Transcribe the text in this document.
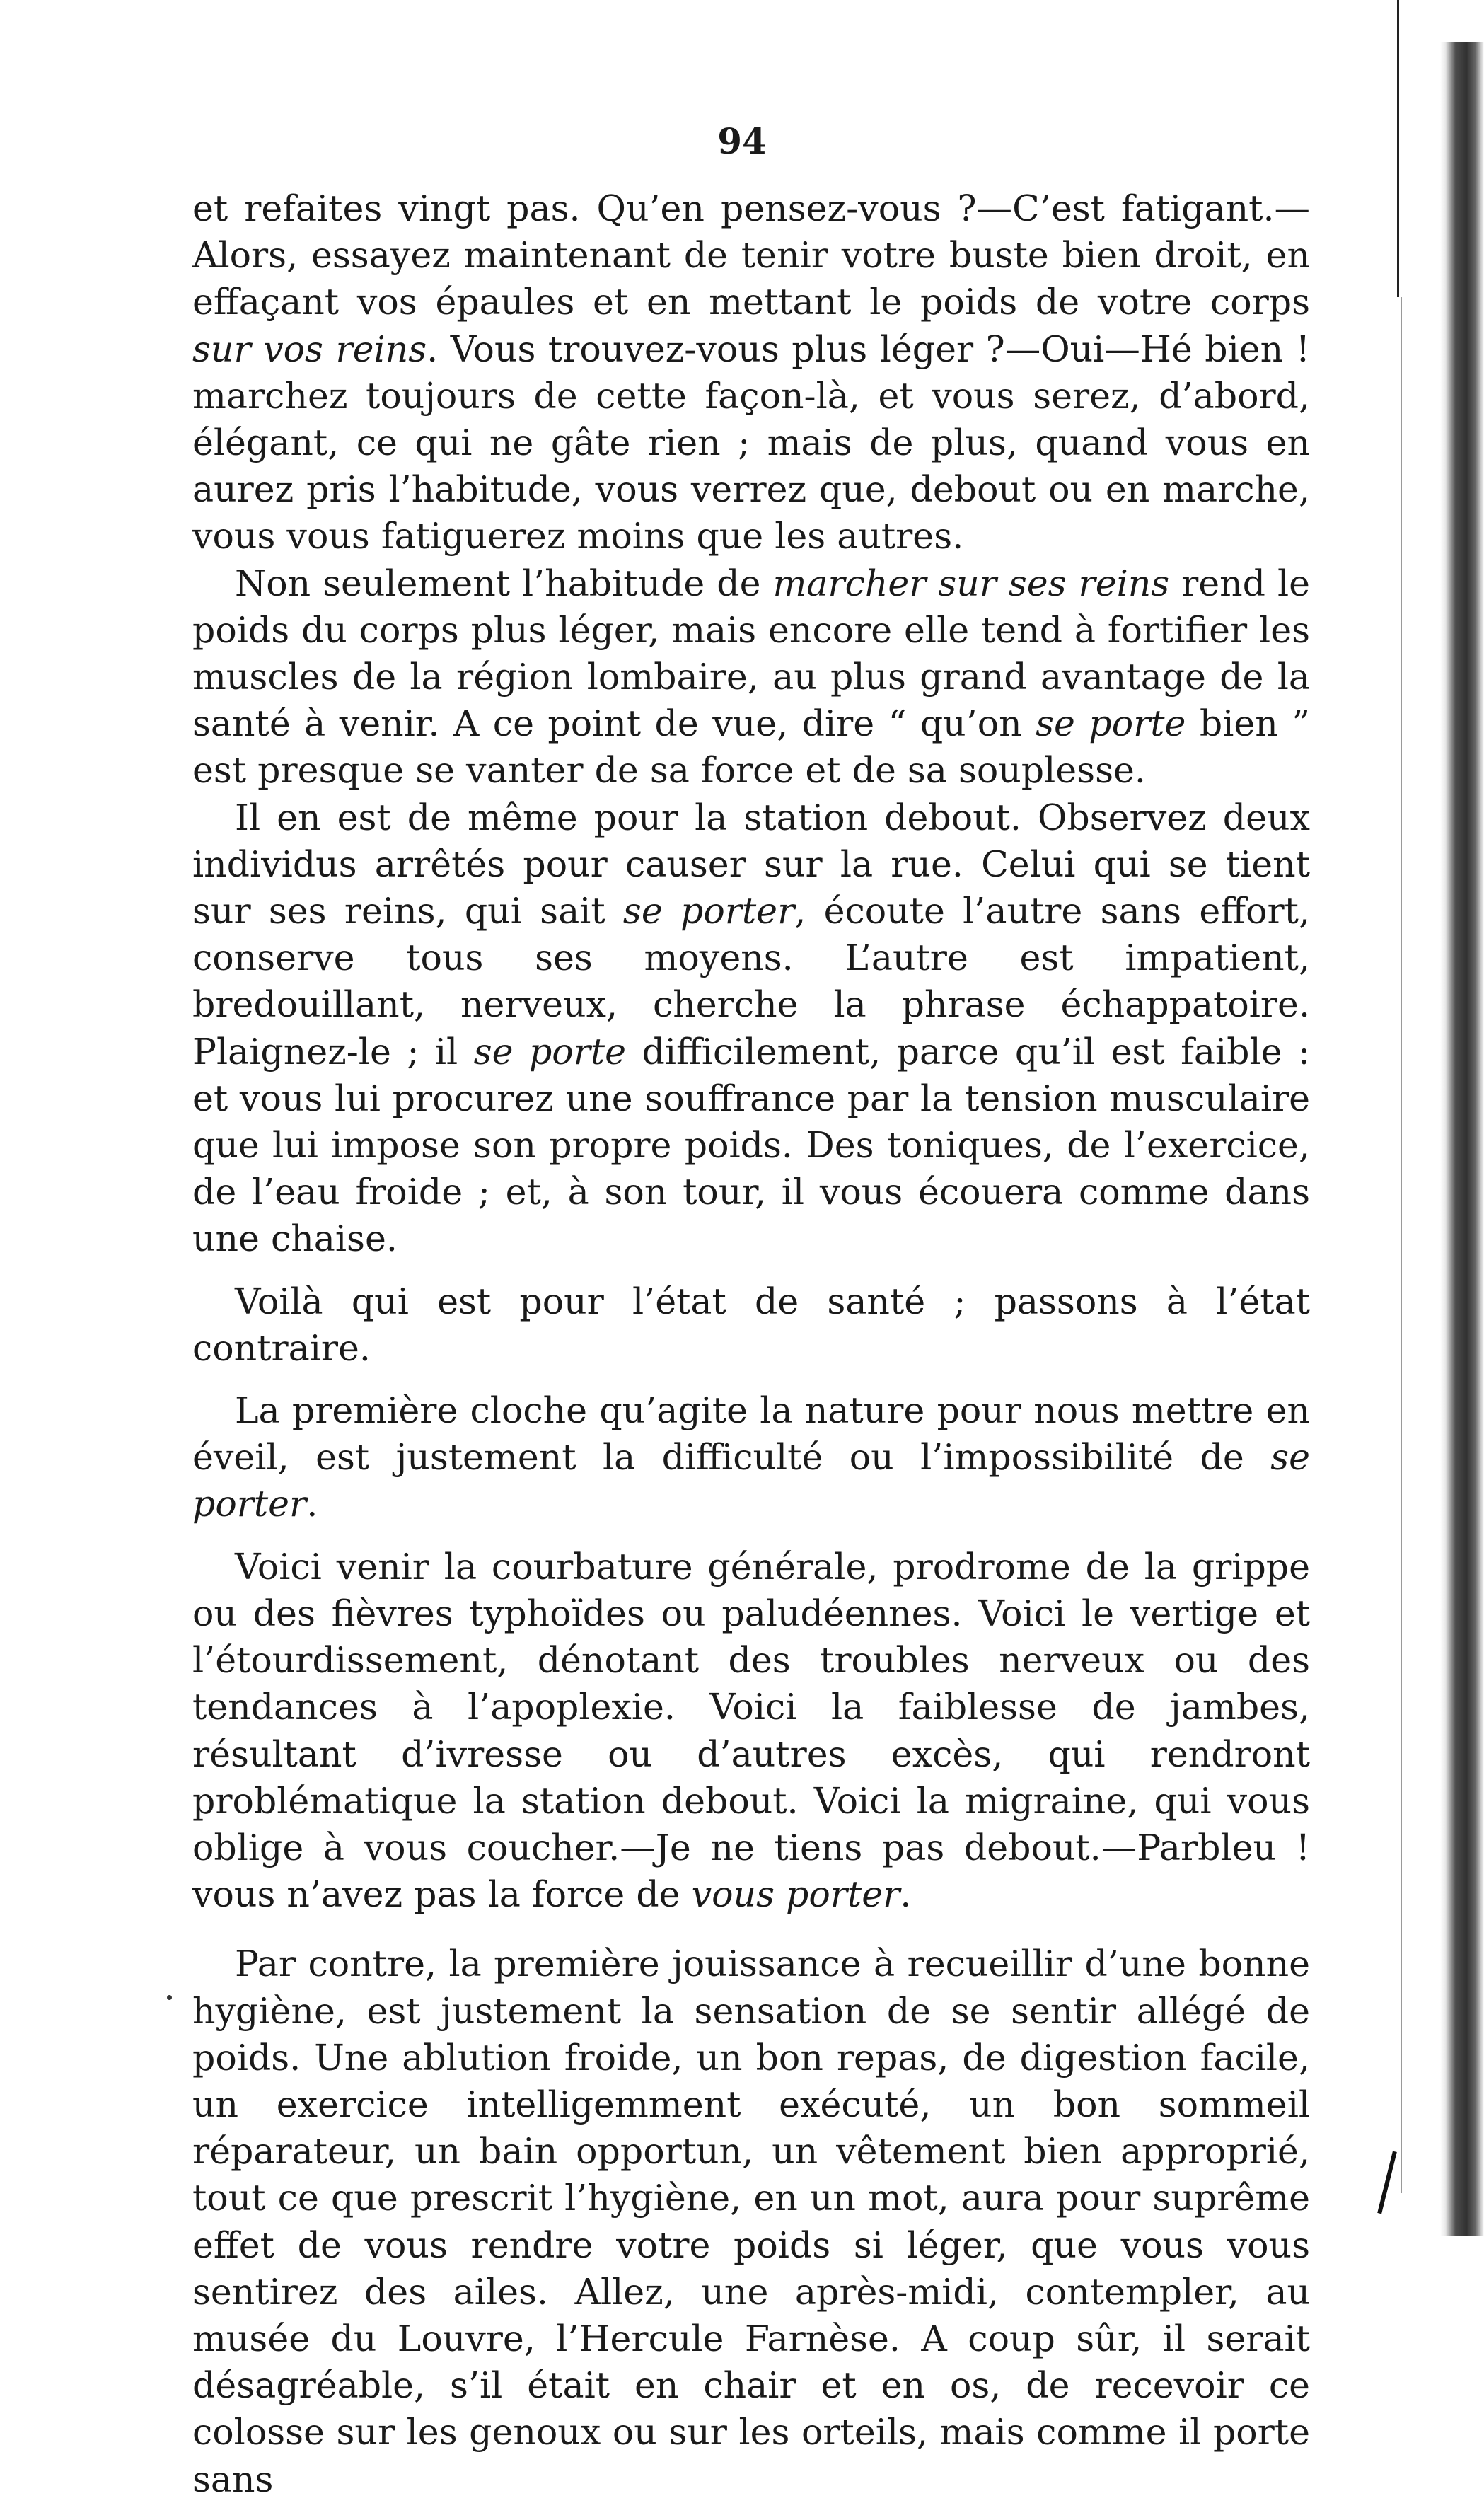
94

et refaites vingt pas. Qu’en pensez-vous ?—C’est fatigant.—Alors, essayez maintenant de tenir votre buste bien droit, en effaçant vos épaules et en mettant le poids de votre corps sur vos reins. Vous trouvez-vous plus léger ?—Oui—Hé bien ! marchez toujours de cette façon-là, et vous serez, d’abord, élégant, ce qui ne gâte rien ; mais de plus, quand vous en aurez pris l’habitude, vous verrez que, debout ou en marche, vous vous fatiguerez moins que les autres.

Non seulement l’habitude de marcher sur ses reins rend le poids du corps plus léger, mais encore elle tend à fortifier les muscles de la région lombaire, au plus grand avantage de la santé à venir. A ce point de vue, dire “ qu’on se porte bien ” est presque se vanter de sa force et de sa souplesse.

Il en est de même pour la station debout. Observez deux individus arrêtés pour causer sur la rue. Celui qui se tient sur ses reins, qui sait se porter, écoute l’autre sans effort, conserve tous ses moyens. L’autre est impatient, bredouillant, nerveux, cherche la phrase échappatoire. Plaignez-le ; il se porte difficilement, parce qu’il est faible : et vous lui procurez une souffrance par la tension musculaire que lui impose son propre poids. Des toniques, de l’exercice, de l’eau froide ; et, à son tour, il vous écouera comme dans une chaise.

Voilà qui est pour l’état de santé ; passons à l’état contraire.

La première cloche qu’agite la nature pour nous mettre en éveil, est justement la difficulté ou l’impossibilité de se porter.

Voici venir la courbature générale, prodrome de la grippe ou des fièvres typhoïdes ou paludéennes. Voici le vertige et l’étourdissement, dénotant des troubles nerveux ou des tendances à l’apoplexie. Voici la faiblesse de jambes, résultant d’ivresse ou d’autres excès, qui rendront problématique la station debout. Voici la migraine, qui vous oblige à vous coucher.—Je ne tiens pas debout.—Parbleu ! vous n’avez pas la force de vous porter.

Par contre, la première jouissance à recueillir d’une bonne hygiène, est justement la sensation de se sentir allégé de poids. Une ablution froide, un bon repas, de digestion facile, un exercice intelligemment exécuté, un bon sommeil réparateur, un bain opportun, un vêtement bien approprié, tout ce que prescrit l’hygiène, en un mot, aura pour suprême effet de vous rendre votre poids si léger, que vous vous sentirez des ailes. Allez, une après-midi, contempler, au musée du Louvre, l’Hercule Farnèse. A coup sûr, il serait désagréable, s’il était en chair et en os, de recevoir ce colosse sur les genoux ou sur les orteils, mais comme il porte sans
